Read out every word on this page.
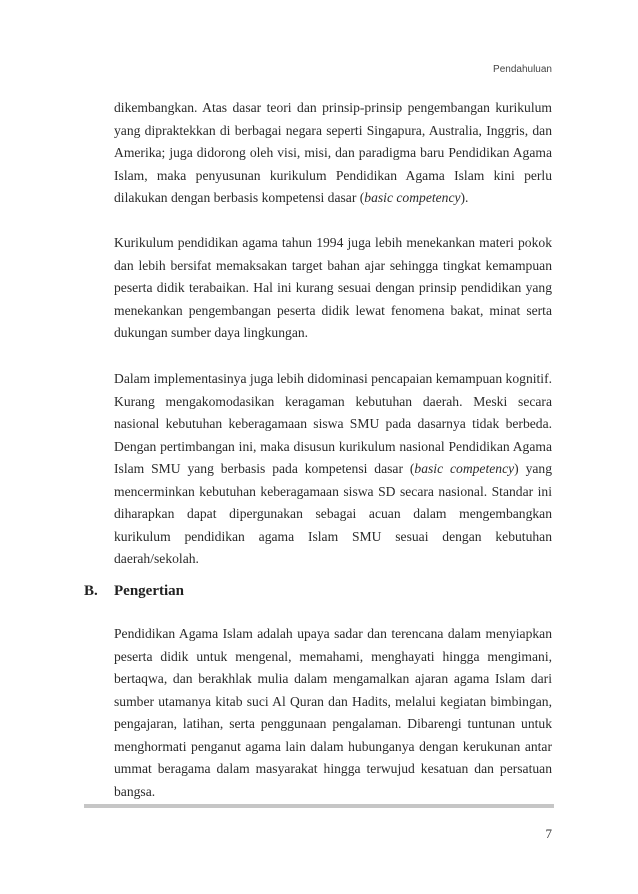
Pendahuluan

dikembangkan. Atas dasar teori dan prinsip-prinsip pengembangan kurikulum yang dipraktekkan di berbagai negara seperti Singapura, Australia, Inggris, dan Amerika; juga didorong oleh visi, misi, dan paradigma baru Pendidikan Agama Islam, maka penyusunan kurikulum Pendidikan Agama Islam kini perlu dilakukan dengan berbasis kompetensi dasar (basic competency).

Kurikulum pendidikan agama tahun 1994 juga lebih menekankan materi pokok dan lebih bersifat memaksakan target bahan ajar sehingga tingkat kemampuan peserta didik terabaikan. Hal ini kurang sesuai dengan prinsip pendidikan yang menekankan pengembangan peserta didik lewat fenomena bakat, minat serta dukungan sumber daya lingkungan.

Dalam implementasinya juga lebih didominasi pencapaian kemampuan kognitif. Kurang mengakomodasikan keragaman kebutuhan daerah. Meski secara nasional kebutuhan keberagamaan siswa SMU pada dasarnya tidak berbeda. Dengan pertimbangan ini, maka disusun kurikulum nasional Pendidikan Agama Islam SMU yang berbasis pada kompetensi dasar (basic competency) yang mencerminkan kebutuhan keberagamaan siswa SD secara nasional. Standar ini diharapkan dapat dipergunakan sebagai acuan dalam mengembangkan kurikulum pendidikan agama Islam SMU sesuai dengan kebutuhan daerah/sekolah.

B. Pengertian

Pendidikan Agama Islam adalah upaya sadar dan terencana dalam menyiapkan peserta didik untuk mengenal, memahami, menghayati hingga mengimani, bertaqwa, dan berakhlak mulia dalam mengamalkan ajaran agama Islam dari sumber utamanya kitab suci Al Quran dan Hadits, melalui kegiatan bimbingan, pengajaran, latihan, serta penggunaan pengalaman. Dibarengi tuntunan untuk menghormati penganut agama lain dalam hubunganya dengan kerukunan antar ummat beragama dalam masyarakat hingga terwujud kesatuan dan persatuan bangsa.

7
